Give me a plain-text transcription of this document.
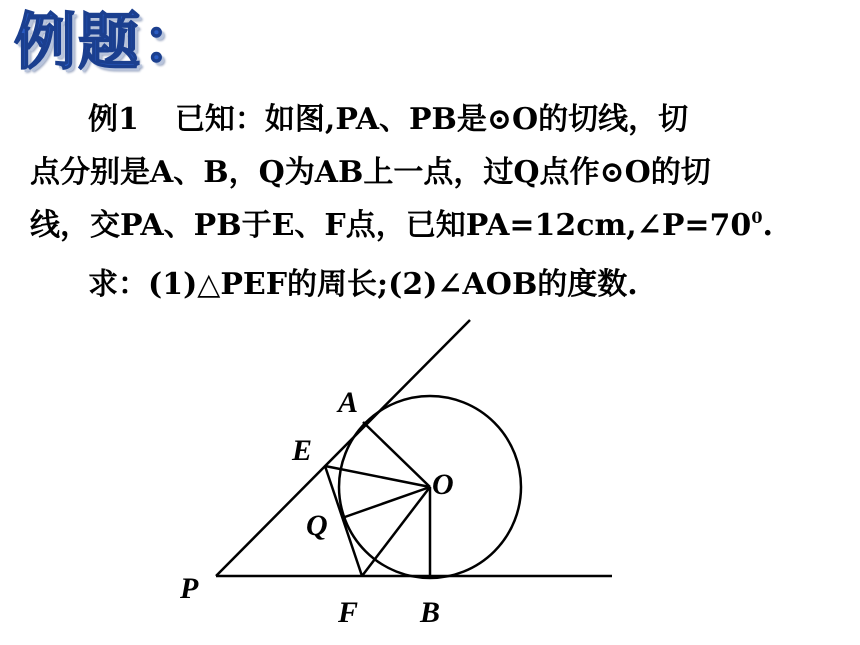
例题：
例1 已知：如图,PA、PB是⊙O的切线，切
点分别是A、B，Q为AB上一点，过Q点作⊙O的切
线，交PA、PB于E、F点，已知$PA=12cm,\angle P=70^0$.
求：(1)△PEF的周长;(2)∠AOB的度数.
A
E
O
Q
P
F B
